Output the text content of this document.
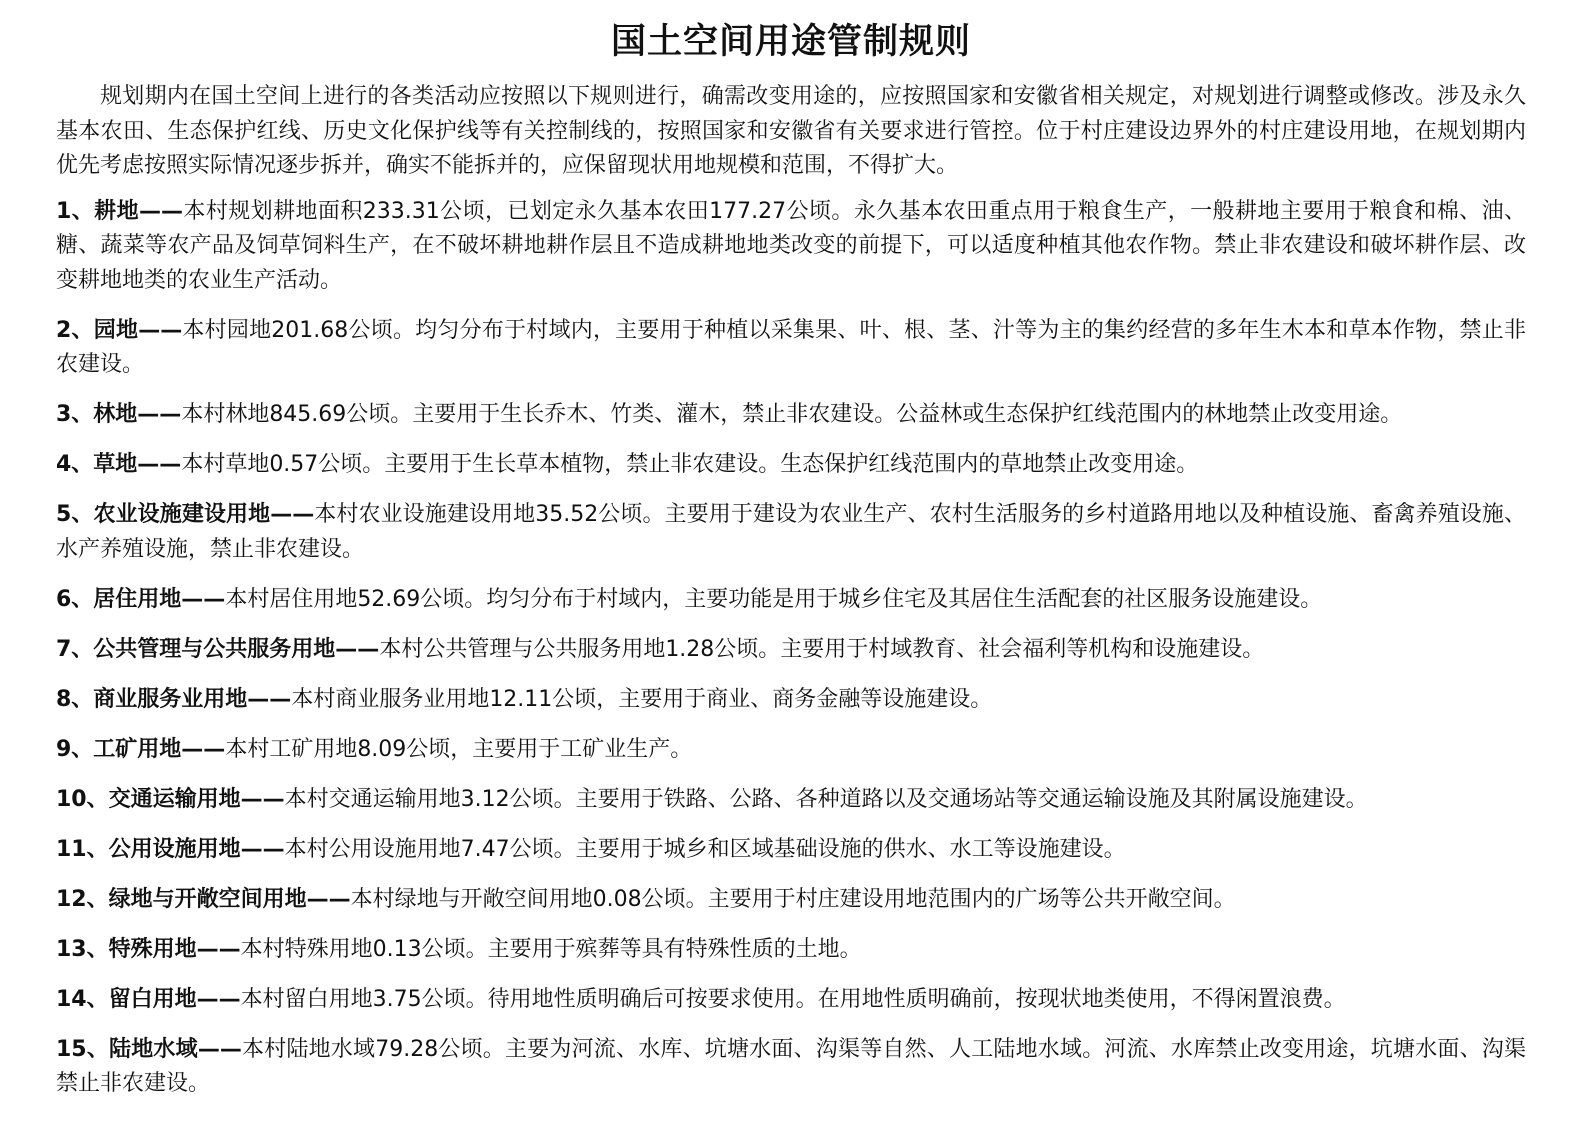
国土空间用途管制规则

规划期内在国土空间上进行的各类活动应按照以下规则进行，确需改变用途的，应按照国家和安徽省相关规定，对规划进行调整或修改。涉及永久基本农田、生态保护红线、历史文化保护线等有关控制线的，按照国家和安徽省有关要求进行管控。位于村庄建设边界外的村庄建设用地，在规划期内优先考虑按照实际情况逐步拆并，确实不能拆并的，应保留现状用地规模和范围，不得扩大。

1、耕地——本村规划耕地面积233.31公顷，已划定永久基本农田177.27公顷。永久基本农田重点用于粮食生产，一般耕地主要用于粮食和棉、油、糖、蔬菜等农产品及饲草饲料生产，在不破坏耕地耕作层且不造成耕地地类改变的前提下，可以适度种植其他农作物。禁止非农建设和破坏耕作层、改变耕地地类的农业生产活动。

2、园地——本村园地201.68公顷。均匀分布于村域内，主要用于种植以采集果、叶、根、茎、汁等为主的集约经营的多年生木本和草本作物，禁止非农建设。

3、林地——本村林地845.69公顷。主要用于生长乔木、竹类、灌木，禁止非农建设。公益林或生态保护红线范围内的林地禁止改变用途。

4、草地——本村草地0.57公顷。主要用于生长草本植物，禁止非农建设。生态保护红线范围内的草地禁止改变用途。

5、农业设施建设用地——本村农业设施建设用地35.52公顷。主要用于建设为农业生产、农村生活服务的乡村道路用地以及种植设施、畜禽养殖设施、水产养殖设施，禁止非农建设。

6、居住用地——本村居住用地52.69公顷。均匀分布于村域内，主要功能是用于城乡住宅及其居住生活配套的社区服务设施建设。

7、公共管理与公共服务用地——本村公共管理与公共服务用地1.28公顷。主要用于村域教育、社会福利等机构和设施建设。

8、商业服务业用地——本村商业服务业用地12.11公顷，主要用于商业、商务金融等设施建设。

9、工矿用地——本村工矿用地8.09公顷，主要用于工矿业生产。

10、交通运输用地——本村交通运输用地3.12公顷。主要用于铁路、公路、各种道路以及交通场站等交通运输设施及其附属设施建设。

11、公用设施用地——本村公用设施用地7.47公顷。主要用于城乡和区域基础设施的供水、水工等设施建设。

12、绿地与开敞空间用地——本村绿地与开敞空间用地0.08公顷。主要用于村庄建设用地范围内的广场等公共开敞空间。

13、特殊用地——本村特殊用地0.13公顷。主要用于殡葬等具有特殊性质的土地。

14、留白用地——本村留白用地3.75公顷。待用地性质明确后可按要求使用。在用地性质明确前，按现状地类使用，不得闲置浪费。

15、陆地水域——本村陆地水域79.28公顷。主要为河流、水库、坑塘水面、沟渠等自然、人工陆地水域。河流、水库禁止改变用途，坑塘水面、沟渠禁止非农建设。
